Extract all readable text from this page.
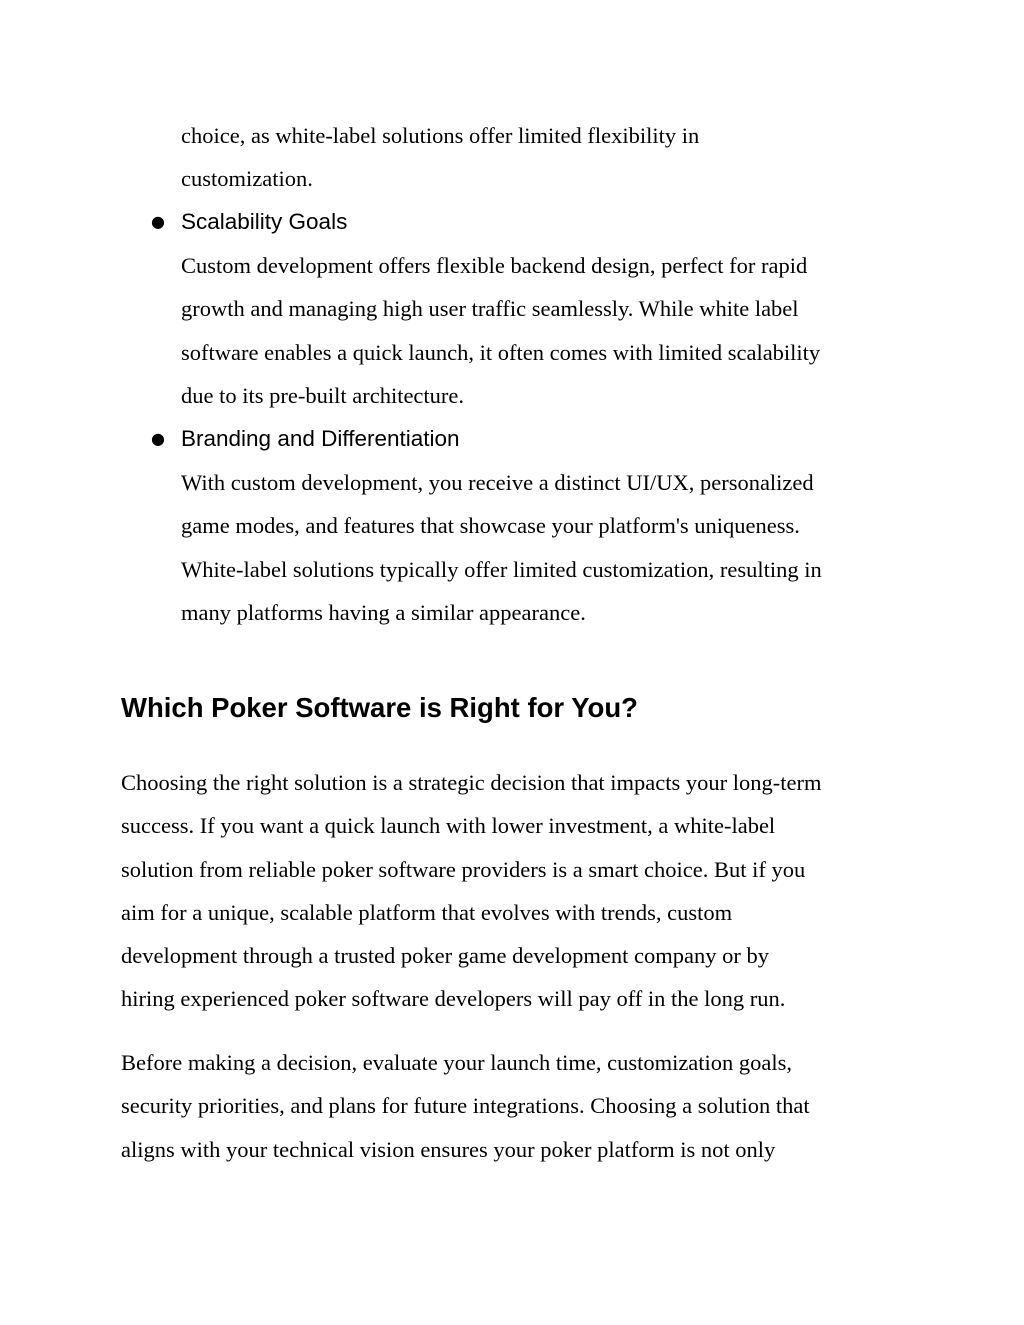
choice, as white-label solutions offer limited flexibility in
customization.
● Scalability Goals
Custom development offers flexible backend design, perfect for rapid
growth and managing high user traffic seamlessly. While white label
software enables a quick launch, it often comes with limited scalability
due to its pre-built architecture.
● Branding and Differentiation
With custom development, you receive a distinct UI/UX, personalized
game modes, and features that showcase your platform's uniqueness.
White-label solutions typically offer limited customization, resulting in
many platforms having a similar appearance.
Which Poker Software is Right for You?

Choosing the right solution is a strategic decision that impacts your long-term
success. If you want a quick launch with lower investment, a white-label
solution from reliable poker software providers is a smart choice. But if you
aim for a unique, scalable platform that evolves with trends, custom
development through a trusted poker game development company or by
hiring experienced poker software developers will pay off in the long run.

Before making a decision, evaluate your launch time, customization goals,
security priorities, and plans for future integrations. Choosing a solution that
aligns with your technical vision ensures your poker platform is not only
